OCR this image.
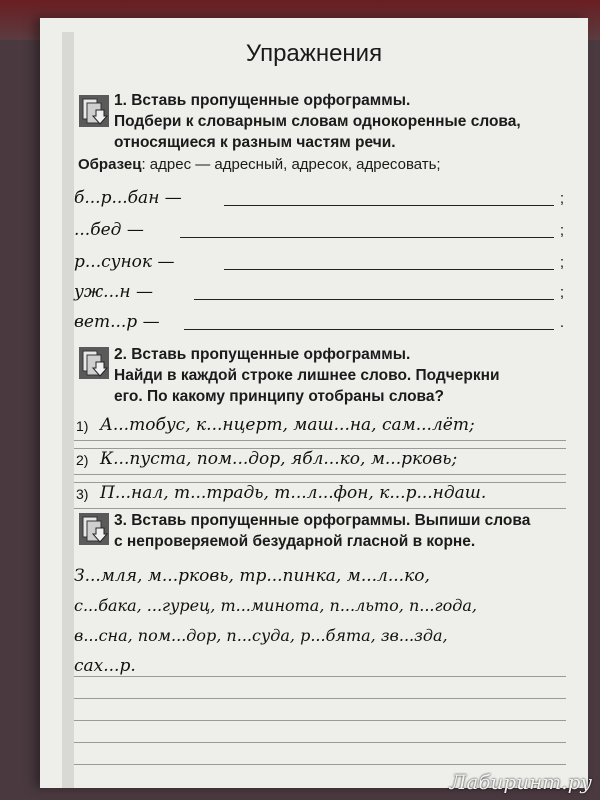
Упражнения
1. Вставь пропущенные орфограммы.
Подбери к словарным словам однокоренные слова,
относящиеся к разным частям речи.
Образец: адрес — адресный, адресок, адресовать;
б...р...бан —	;
...бед —	;
р...сунок —	;
уж...н —	;
вет...р —	.
2. Вставь пропущенные орфограммы.
Найди в каждой строке лишнее слово. Подчеркни
его. По какому принципу отобраны слова?
1) А...тобус, к...нцерт, маш...на, сам...лёт;
2) К...пуста, пом...дор, ябл...ко, м...рковь;
3) П...нал, т...традь, т...л...фон, к...р...ндаш.
3. Вставь пропущенные орфограммы. Выпиши слова
с непроверяемой безударной гласной в корне.
З...мля, м...рковь, тр...пинка, м...л...ко,
с...бака, ...гурец, т...минота, п...льто, п...года,
в...сна, пом...дор, п...суда, р...бята, зв...зда,
сах...р.
Лабиринт.ру
